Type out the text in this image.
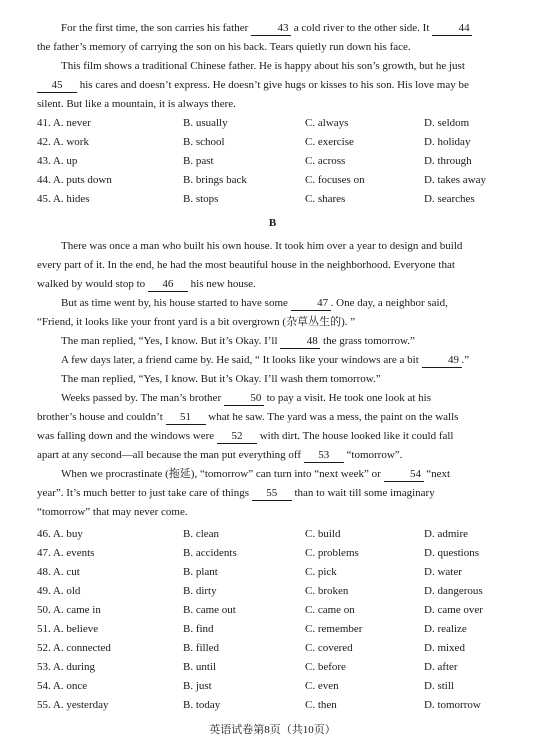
For the first time, the son carries his father 43 a cold river to the other side. It 44
the father’s memory of carrying the son on his back. Tears quietly run down his face.
This film shows a traditional Chinese father. He is happy about his son’s growth, but he just
45 his cares and doesn’t express. He doesn’t give hugs or kisses to his son. His love may be
silent. But like a mountain, it is always there.
41. A. never	B. usually	C. always	D. seldom
42. A. work	B. school	C. exercise	D. holiday
43. A. up	B. past	C. across	D. through
44. A. puts down	B. brings back	C. focuses on	D. takes away
45. A. hides	B. stops	C. shares	D. searches
B
There was once a man who built his own house. It took him over a year to design and build
every part of it. In the end, he had the most beautiful house in the neighborhood. Everyone that
walked by would stop to 46 his new house.
But as time went by, his house started to have some 47 . One day, a neighbor said,
“Friend, it looks like your front yard is a bit overgrown (杂草丛生的). ”
The man replied, “Yes, I know. But it’s Okay. I’ll 48 the grass tomorrow.”
A few days later, a friend came by. He said, “ It looks like your windows are a bit 49 .”
The man replied, “Yes, I know. But it’s Okay. I’ll wash them tomorrow.”
Weeks passed by. The man’s brother 50 to pay a visit. He took one look at his
brother’s house and couldn’t 51 what he saw. The yard was a mess, the paint on the walls
was falling down and the windows were 52 with dirt. The house looked like it could fall
apart at any second—all because the man put everything off 53 “tomorrow”.
When we procrastinate (拖延), “tomorrow” can turn into “next week” or 54 “next
year”. It’s much better to just take care of things 55 than to wait till some imaginary
“tomorrow” that may never come.
46. A. buy	B. clean	C. build	D. admire
47. A. events	B. accidents	C. problems	D. questions
48. A. cut	B. plant	C. pick	D. water
49. A. old	B. dirty	C. broken	D. dangerous
50. A. came in	B. came out	C. came on	D. came over
51. A. believe	B. find	C. remember	D. realize
52. A. connected	B. filled	C. covered	D. mixed
53. A. during	B. until	C. before	D. after
54. A. once	B. just	C. even	D. still
55. A. yesterday	B. today	C. then	D. tomorrow
英语试卷第8页（共10页）
